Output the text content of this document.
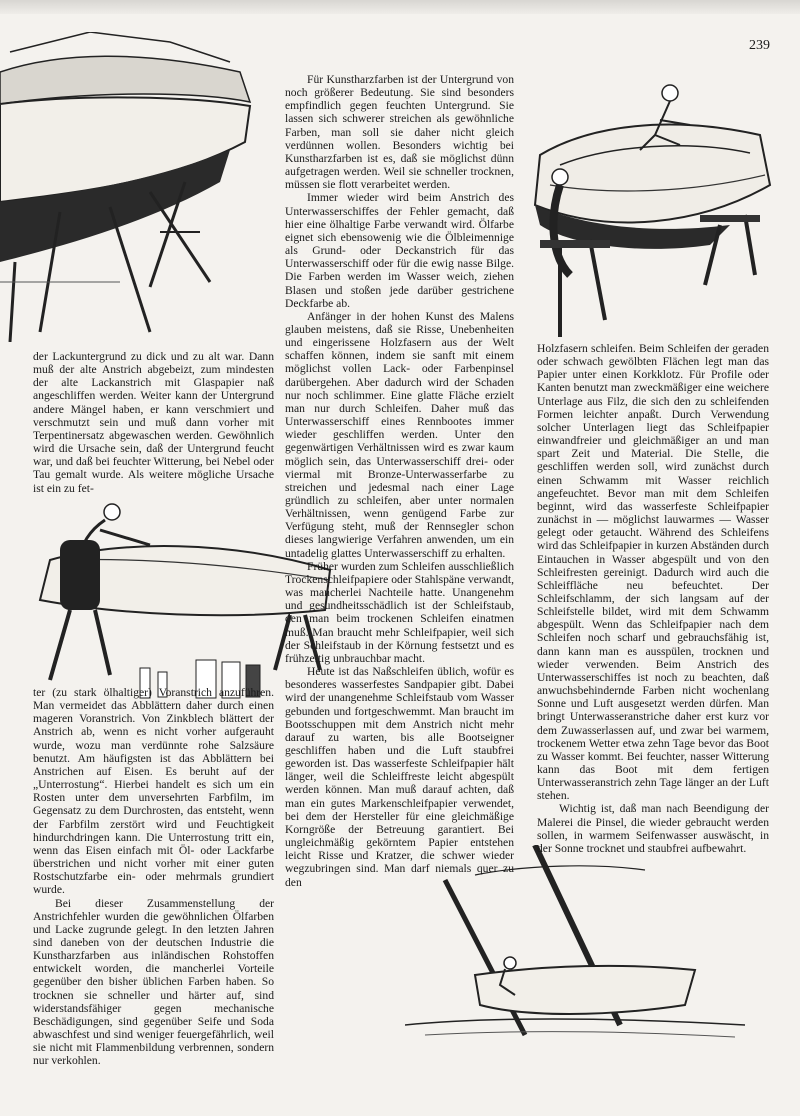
239

der Lackuntergrund zu dick und zu alt war. Dann muß der alte Anstrich abgebeizt, zum mindesten der alte Lackanstrich mit Glaspapier naß angeschliffen werden. Weiter kann der Untergrund andere Mängel haben, er kann verschmiert und verschmutzt sein und muß dann vorher mit Terpentinersatz abgewaschen werden. Gewöhnlich wird die Ursache sein, daß der Untergrund feucht war, und daß bei feuchter Witterung, bei Nebel oder Tau gemalt wurde. Als weitere mögliche Ursache ist ein zu fet-

ter (zu stark ölhaltiger) Voranstrich anzuführen. Man vermeidet das Abblättern daher durch einen mageren Voranstrich. Von Zinkblech blättert der Anstrich ab, wenn es nicht vorher aufgerauht wurde, wozu man verdünnte rohe Salzsäure benutzt. Am häufigsten ist das Abblättern bei Anstrichen auf Eisen. Es beruht auf der „Unterrostung“. Hierbei handelt es sich um ein Rosten unter dem unversehrten Farbfilm, im Gegensatz zu dem Durchrosten, das entsteht, wenn der Farbfilm zerstört wird und Feuchtigkeit hindurchdringen kann. Die Unterrostung tritt ein, wenn das Eisen einfach mit Öl- oder Lackfarbe überstrichen und nicht vorher mit einer guten Rostschutzfarbe ein- oder mehrmals grundiert wurde.

Bei dieser Zusammenstellung der Anstrichfehler wurden die gewöhnlichen Ölfarben und Lacke zugrunde gelegt. In den letzten Jahren sind daneben von der deutschen Industrie die Kunstharzfarben aus inländischen Rohstoffen entwickelt worden, die mancherlei Vorteile gegenüber den bisher üblichen Farben haben. So trocknen sie schneller und härter auf, sind widerstandsfähiger gegen mechanische Beschädigungen, sind gegenüber Seife und Soda abwaschfest und sind weniger feuergefährlich, weil sie nicht mit Flammenbildung verbrennen, sondern nur verkohlen.

Für Kunstharzfarben ist der Untergrund von noch größerer Bedeutung. Sie sind besonders empfindlich gegen feuchten Untergrund. Sie lassen sich schwerer streichen als gewöhnliche Farben, man soll sie daher nicht gleich verdünnen wollen. Besonders wichtig bei Kunstharzfarben ist es, daß sie möglichst dünn aufgetragen werden. Weil sie schneller trocknen, müssen sie flott verarbeitet werden.

Immer wieder wird beim Anstrich des Unterwasserschiffes der Fehler gemacht, daß hier eine ölhaltige Farbe verwandt wird. Ölfarbe eignet sich ebensowenig wie die Ölbleimennige als Grund- oder Deckanstrich für das Unterwasserschiff oder für die ewig nasse Bilge. Die Farben werden im Wasser weich, ziehen Blasen und stoßen jede darüber gestrichene Deckfarbe ab.

Anfänger in der hohen Kunst des Malens glauben meistens, daß sie Risse, Unebenheiten und eingerissene Holzfasern aus der Welt schaffen können, indem sie sanft mit einem möglichst vollen Lack- oder Farbenpinsel darübergehen. Aber dadurch wird der Schaden nur noch schlimmer. Eine glatte Fläche erzielt man nur durch Schleifen. Daher muß das Unterwasserschiff eines Rennbootes immer wieder geschliffen werden. Unter den gegenwärtigen Verhältnissen wird es zwar kaum möglich sein, das Unterwasserschiff drei- oder viermal mit Bronze-Unterwasserfarbe zu streichen und jedesmal nach einer Lage gründlich zu schleifen, aber unter normalen Verhältnissen, wenn genügend Farbe zur Verfügung steht, muß der Rennsegler schon dieses langwierige Verfahren anwenden, um ein untadelig glattes Unterwasserschiff zu erhalten.

Früher wurden zum Schleifen ausschließlich Trockenschleifpapiere oder Stahlspäne verwandt, was mancherlei Nachteile hatte. Unangenehm und gesundheitsschädlich ist der Schleifstaub, den man beim trockenen Schleifen einatmen muß. Man braucht mehr Schleifpapier, weil sich der Schleifstaub in der Körnung festsetzt und es frühzeitig unbrauchbar macht.

Heute ist das Naßschleifen üblich, wofür es besonderes wasserfestes Sandpapier gibt. Dabei wird der unangenehme Schleifstaub vom Wasser gebunden und fortgeschwemmt. Man braucht im Bootsschuppen mit dem Anstrich nicht mehr darauf zu warten, bis alle Bootseigner geschliffen haben und die Luft staubfrei geworden ist. Das wasserfeste Schleifpapier hält länger, weil die Schleiffreste leicht abgespült werden können. Man muß darauf achten, daß man ein gutes Markenschleifpapier verwendet, bei dem der Hersteller für eine gleichmäßige Korngröße der Betreuung garantiert. Bei ungleichmäßig gekörntem Papier entstehen leicht Risse und Kratzer, die schwer wieder wegzubringen sind. Man darf niemals quer zu den

Holzfasern schleifen. Beim Schleifen der geraden oder schwach gewölbten Flächen legt man das Papier unter einen Korkklotz. Für Profile oder Kanten benutzt man zweckmäßiger eine weichere Unterlage aus Filz, die sich den zu schleifenden Formen leichter anpaßt. Durch Verwendung solcher Unterlagen liegt das Schleifpapier einwandfreier und gleichmäßiger an und man spart Zeit und Material. Die Stelle, die geschliffen werden soll, wird zunächst durch einen Schwamm mit Wasser reichlich angefeuchtet. Bevor man mit dem Schleifen beginnt, wird das wasserfeste Schleifpapier zunächst in — möglichst lauwarmes — Wasser gelegt oder getaucht. Während des Schleifens wird das Schleifpapier in kurzen Abständen durch Eintauchen in Wasser abgespült und von den Schleifresten gereinigt. Dadurch wird auch die Schleiffläche neu befeuchtet. Der Schleifschlamm, der sich langsam auf der Schleifstelle bildet, wird mit dem Schwamm abgespült. Wenn das Schleifpapier nach dem Schleifen noch scharf und gebrauchsfähig ist, dann kann man es ausspülen, trocknen und wieder verwenden. Beim Anstrich des Unterwasserschiffes ist noch zu beachten, daß anwuchsbehindernde Farben nicht wochenlang Sonne und Luft ausgesetzt werden dürfen. Man bringt Unterwasseranstriche daher erst kurz vor dem Zuwasserlassen auf, und zwar bei warmem, trockenem Wetter etwa zehn Tage bevor das Boot zu Wasser kommt. Bei feuchter, nasser Witterung kann das Boot mit dem fertigen Unterwasseranstrich zehn Tage länger an der Luft stehen.

Wichtig ist, daß man nach Beendigung der Malerei die Pinsel, die wieder gebraucht werden sollen, in warmem Seifenwasser auswäscht, in der Sonne trocknet und staubfrei aufbewahrt.
